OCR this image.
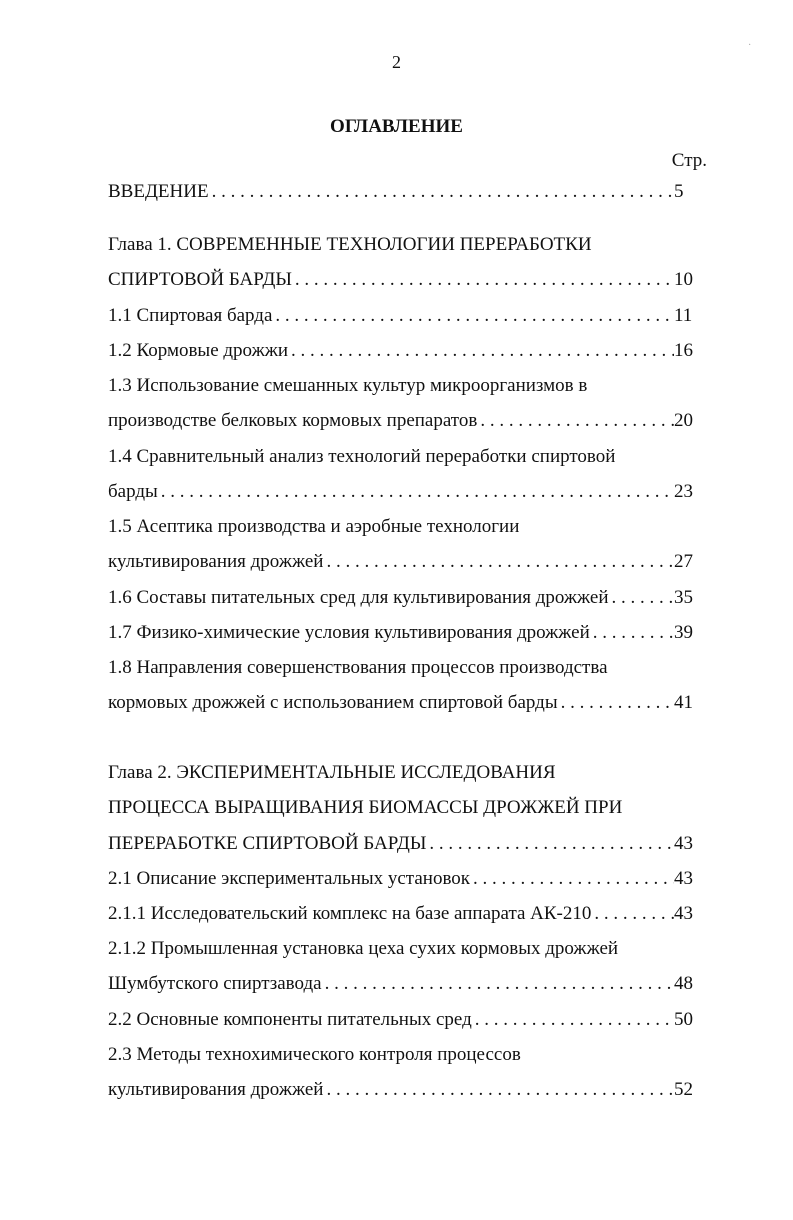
·
2
ОГЛАВЛЕНИЕ
Стр.
ВВЕДЕНИЕ . . .	5
Глава 1. СОВРЕМЕННЫЕ ТЕХНОЛОГИИ ПЕРЕРАБОТКИ
СПИРТОВОЙ БАРДЫ . . .	10
1.1 Спиртовая барда . . .	11
1.2 Кормовые дрожжи . . .	16
1.3 Использование смешанных культур микроорганизмов в
производстве белковых кормовых препаратов . . .	20
1.4 Сравнительный анализ технологий переработки спиртовой
барды . . .	23
1.5 Асептика производства и аэробные технологии
культивирования дрожжей . . .	27
1.6 Составы питательных сред для культивирования дрожжей . . .	35
1.7 Физико-химические условия культивирования дрожжей . . .	39
1.8 Направления совершенствования процессов производства
кормовых дрожжей с использованием спиртовой барды . . .	41
Глава 2. ЭКСПЕРИМЕНТАЛЬНЫЕ ИССЛЕДОВАНИЯ
ПРОЦЕССА ВЫРАЩИВАНИЯ БИОМАССЫ ДРОЖЖЕЙ ПРИ
ПЕРЕРАБОТКЕ СПИРТОВОЙ БАРДЫ . . .	43
2.1 Описание экспериментальных установок . . .	43
2.1.1 Исследовательский комплекс на базе аппарата АК-210 . . .	43
2.1.2 Промышленная установка цеха сухих кормовых дрожжей
Шумбутского спиртзавода . . .	48
2.2 Основные компоненты питательных сред . . .	50
2.3 Методы технохимического контроля процессов
культивирования дрожжей . . .	52
